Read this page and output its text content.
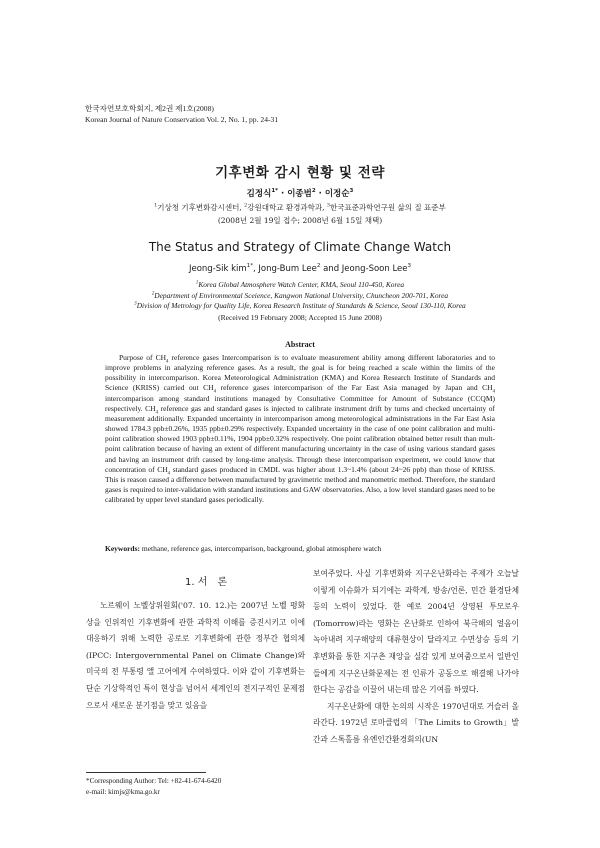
한국자연보호학회지, 제2권 제1호(2008)
Korean Journal of Nature Conservation Vol. 2, No. 1, pp. 24-31
기후변화 감시 현황 및 전략
김정식$^{1*}$ · 이종범$^2$ · 이정순$^3$
$^1$기상청 기후변화감시센터, $^2$강원대학교 환경과학과, $^3$한국표준과학연구원 삶의 질 표준부
(2008년 2월 19일 접수; 2008년 6월 15일 채택)
The Status and Strategy of Climate Change Watch
Jeong-Sik kim$^{1*}$, Jong-Bum Lee$^2$ and Jeong-Soon Lee$^3$
$^1$Korea Global Atmosphere Watch Center, KMA, Seoul 110-450, Korea
$^2$Department of Environmental Sceience, Kangwon National University, Chuncheon 200-701, Korea
$^3$Division of Metrology for Quality Life, Korea Research Institute of Standards & Science, Seoul 130-110, Korea
(Received 19 February 2008; Accepted 15 June 2008)
Abstract
Purpose of $CH_4$ reference gases Intercomparison is to evaluate measurement ability among different laboratories and to improve problems in analyzing reference gases. As a result, the goal is for being reached a scale within the limits of the possibility in intercomparison. Korea Meteorological Administration (KMA) and Korea Research Institute of Standards and Science (KRISS) carried out $CH_4$ reference gases intercomparison of the Far East Asia managed by Japan and $CH_4$ intercomparison among standard institutions managed by Consultative Committee for Amount of Substance (CCQM) respectively. $CH_4$ reference gas and standard gases is injected to calibrate instrument drift by turns and checked uncertainty of measurement additionally. Expanded uncertainty in intercomparison among meteorological administrations in the Far East Asia showed 1784.3 ppb±0.26%, 1935 ppb±0.29% respectively. Expanded uncertainty in the case of one point calibration and multi-point calibration showed 1903 ppb±0.11%, 1904 ppb±0.32% respectively. One point calibration obtained better result than mult-point calibration because of having an extent of different manufacturing uncertainty in the case of using various standard gases and having an instrument drift caused by long-time analysis. Through these intercomparison experiment, we could know that concentration of $CH_4$ standard gases produced in CMDL was higher about 1.3~1.4% (about 24~26 ppb) than those of KRISS. This is reason caused a difference between manufactured by gravimetric method and manometric method. Therefore, the standard gases is required to inter-validation with standard institutions and GAW observatories. Also, a low level standard gases need to be calibrated by upper level standard gases periodically.
Keywords: methane, reference gas, intercomparison, background, global atmosphere watch
1. 서　론

노르웨이 노벨상위원회('07. 10. 12.)는 2007년 노벨 평화상을 인위적인 기후변화에 관한 과학적 이해를 증진시키고 이에 대응하기 위해 노력한 공로로 기후변화에 관한 정부간 협의체(IPCC: Intergovernmental Panel on Climate Change)와 미국의 전 부통령 앨 고어에게 수여하였다. 이와 같이 기후변화는 단순 기상학적인 특이 현상을 넘어서 세계인의 전지구적인 문제점으로서 새로운 분기점을 맞고 있음을

보여주었다. 사실 기후변화와 지구온난화라는 주제가 오늘날 이렇게 이슈화가 되기에는 과학계, 방송/언론, 민간 환경단체 등의 노력이 있었다. 한 예로 2004년 상영된 투모로우(Tomorrow)라는 영화는 온난화로 인하여 북극해의 얼음이 녹아내려 지구해양의 대류현상이 달라지고 수면상승 등의 기후변화를 통한 지구촌 재앙을 실감 있게 보여줌으로서 일반인들에게 지구온난화문제는 전 인류가 공동으로 해결해 나가야 한다는 공감을 이끌어 내는데 많은 기여를 하였다.

지구온난화에 대한 논의의 시작은 1970년대로 거슬러 올라간다. 1972년 로마클럽의 「The Limits to Growth」발간과 스톡홀름 유엔인간환경회의(UN

*Corresponding Author: Tel: +82-41-674-6420
e-mail: kimjs@kma.go.kr
